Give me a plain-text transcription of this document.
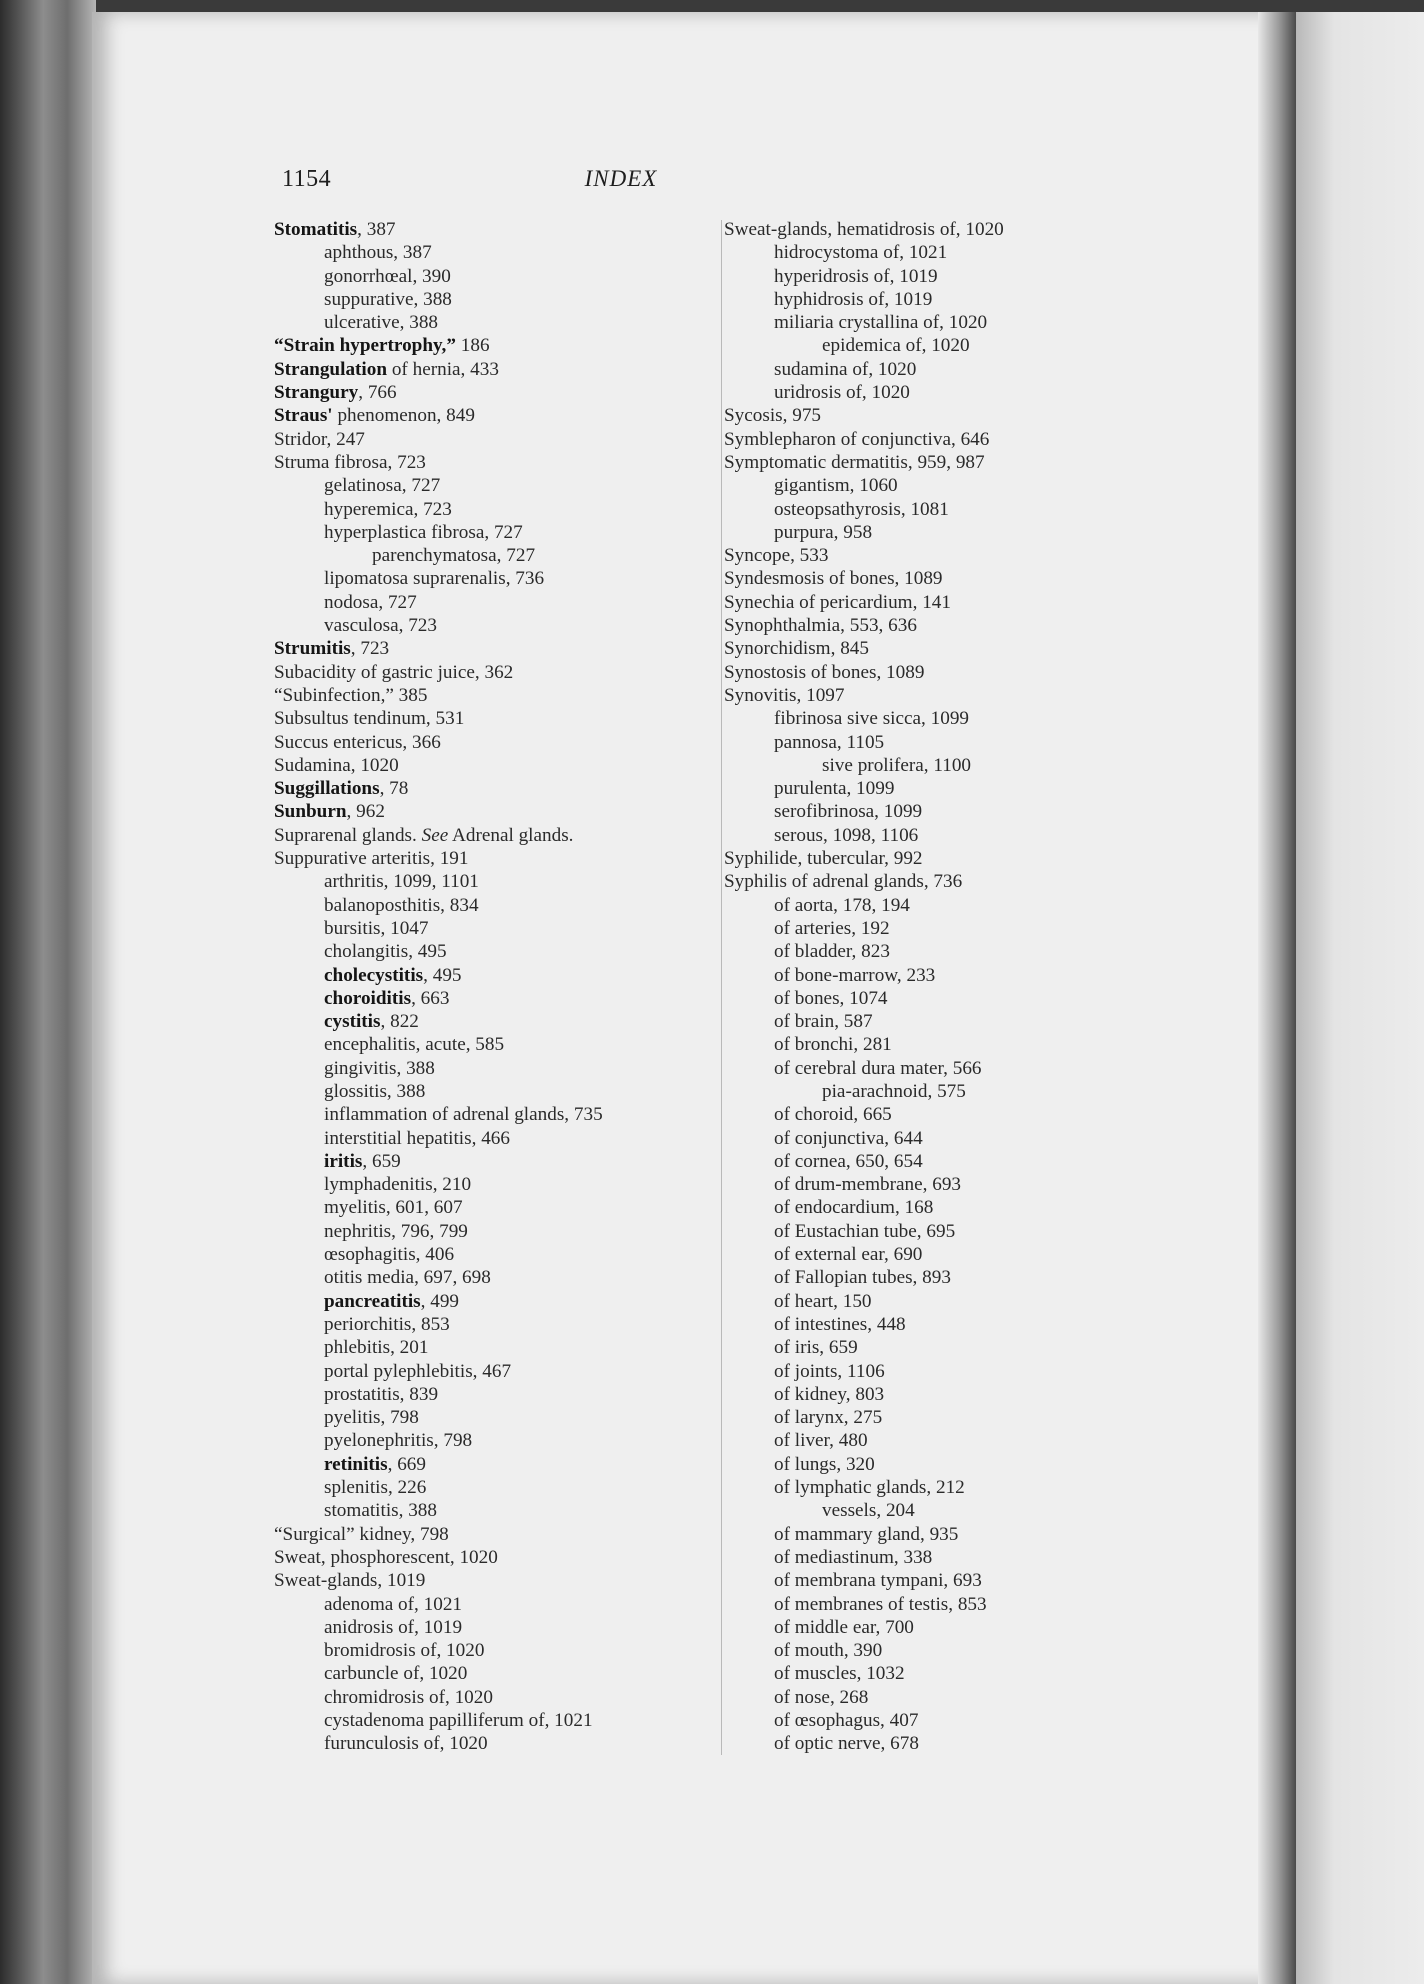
1154	INDEX
Stomatitis, 387
aphthous, 387
gonorrhœal, 390
suppurative, 388
ulcerative, 388
“Strain hypertrophy,” 186
Strangulation of hernia, 433
Strangury, 766
Straus' phenomenon, 849
Stridor, 247
Struma fibrosa, 723
gelatinosa, 727
hyperemica, 723
hyperplastica fibrosa, 727
parenchymatosa, 727
lipomatosa suprarenalis, 736
nodosa, 727
vasculosa, 723
Strumitis, 723
Subacidity of gastric juice, 362
“Subinfection,” 385
Subsultus tendinum, 531
Succus entericus, 366
Sudamina, 1020
Suggillations, 78
Sunburn, 962
Suprarenal glands. See Adrenal glands.
Suppurative arteritis, 191
arthritis, 1099, 1101
balanoposthitis, 834
bursitis, 1047
cholangitis, 495
cholecystitis, 495
choroiditis, 663
cystitis, 822
encephalitis, acute, 585
gingivitis, 388
glossitis, 388
inflammation of adrenal glands, 735
interstitial hepatitis, 466
iritis, 659
lymphadenitis, 210
myelitis, 601, 607
nephritis, 796, 799
œsophagitis, 406
otitis media, 697, 698
pancreatitis, 499
periorchitis, 853
phlebitis, 201
portal pylephlebitis, 467
prostatitis, 839
pyelitis, 798
pyelonephritis, 798
retinitis, 669
splenitis, 226
stomatitis, 388
“Surgical” kidney, 798
Sweat, phosphorescent, 1020
Sweat-glands, 1019
adenoma of, 1021
anidrosis of, 1019
bromidrosis of, 1020
carbuncle of, 1020
chromidrosis of, 1020
cystadenoma papilliferum of, 1021
furunculosis of, 1020
Sweat-glands, hematidrosis of, 1020
hidrocystoma of, 1021
hyperidrosis of, 1019
hyphidrosis of, 1019
miliaria crystallina of, 1020
epidemica of, 1020
sudamina of, 1020
uridrosis of, 1020
Sycosis, 975
Symblepharon of conjunctiva, 646
Symptomatic dermatitis, 959, 987
gigantism, 1060
osteopsathyrosis, 1081
purpura, 958
Syncope, 533
Syndesmosis of bones, 1089
Synechia of pericardium, 141
Synophthalmia, 553, 636
Synorchidism, 845
Synostosis of bones, 1089
Synovitis, 1097
fibrinosa sive sicca, 1099
pannosa, 1105
sive prolifera, 1100
purulenta, 1099
serofibrinosa, 1099
serous, 1098, 1106
Syphilide, tubercular, 992
Syphilis of adrenal glands, 736
of aorta, 178, 194
of arteries, 192
of bladder, 823
of bone-marrow, 233
of bones, 1074
of brain, 587
of bronchi, 281
of cerebral dura mater, 566
pia-arachnoid, 575
of choroid, 665
of conjunctiva, 644
of cornea, 650, 654
of drum-membrane, 693
of endocardium, 168
of Eustachian tube, 695
of external ear, 690
of Fallopian tubes, 893
of heart, 150
of intestines, 448
of iris, 659
of joints, 1106
of kidney, 803
of larynx, 275
of liver, 480
of lungs, 320
of lymphatic glands, 212
vessels, 204
of mammary gland, 935
of mediastinum, 338
of membrana tympani, 693
of membranes of testis, 853
of middle ear, 700
of mouth, 390
of muscles, 1032
of nose, 268
of œsophagus, 407
of optic nerve, 678
